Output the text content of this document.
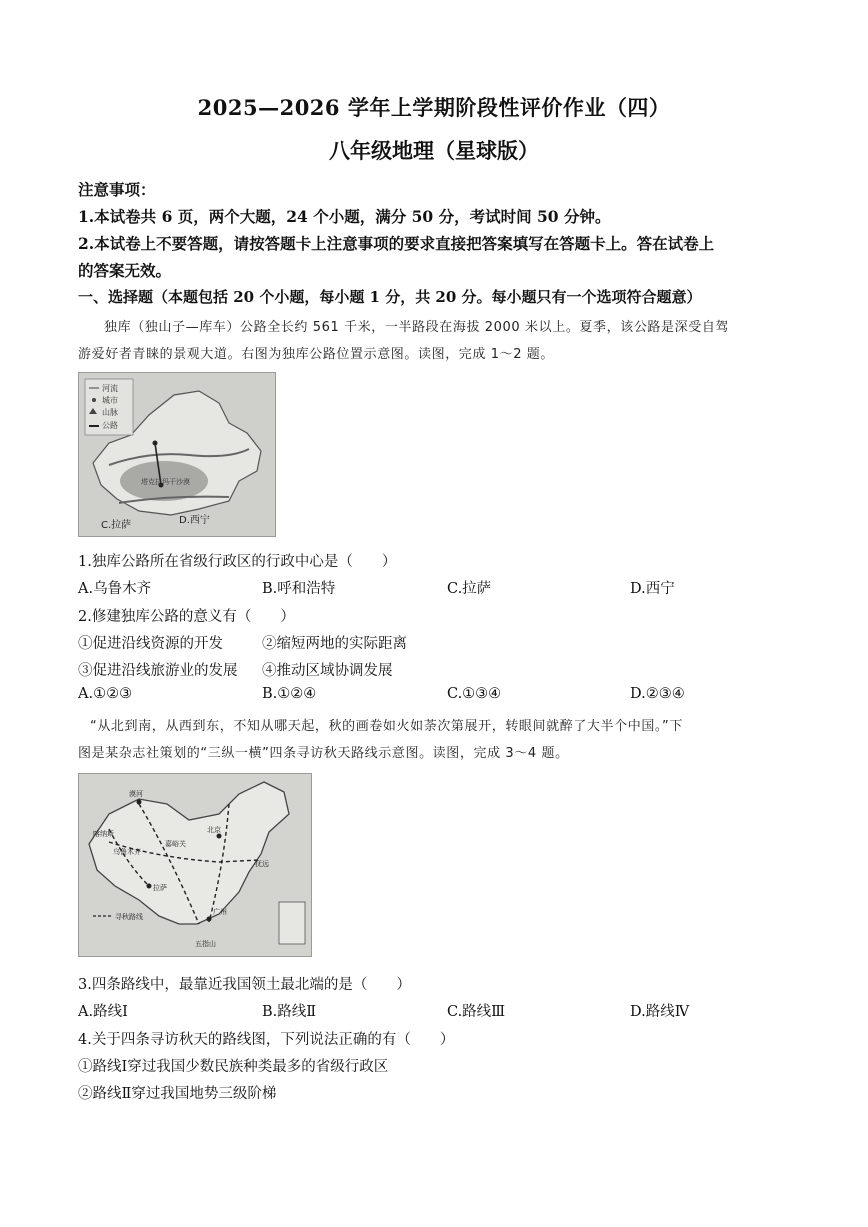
2025—2026 学年上学期阶段性评价作业（四）
八年级地理（星球版）
注意事项：
1.本试卷共 6 页，两个大题，24 个小题，满分 50 分，考试时间 50 分钟。
2.本试卷上不要答题，请按答题卡上注意事项的要求直接把答案填写在答题卡上。答在试卷上
的答案无效。
一、选择题（本题包括 20 个小题，每小题 1 分，共 20 分。每小题只有一个选项符合题意）
独库（独山子—库车）公路全长约 561 千米，一半路段在海拔 2000 米以上。夏季，该公路是深受自驾
游爱好者青睐的景观大道。右图为独库公路位置示意图。读图，完成 1～2 题。
河流
城市
山脉
公路
塔克拉玛干沙漠
C.拉萨	D.西宁
1.独库公路所在省级行政区的行政中心是（　　）
A.乌鲁木齐	B.呼和浩特	C.拉萨	D.西宁
2.修建独库公路的意义有（　　）
①促进沿线资源的开发	②缩短两地的实际距离
③促进沿线旅游业的发展 ④推动区域协调发展
A.①②③	B.①②④	C.①③④	D.②③④
“从北到南，从西到东，不知从哪天起，秋的画卷如火如荼次第展开，转眼间就醉了大半个中国。”下
图是某杂志社策划的“三纵一横”四条寻访秋天路线示意图。读图，完成 3～4 题。
漠河
喀纳斯	北京
嘉峪关
乌鲁木齐
拉萨
广州
五指山
抚远
寻秋路线
3.四条路线中，最靠近我国领土最北端的是（　　）
A.路线Ⅰ	B.路线Ⅱ	C.路线Ⅲ	D.路线Ⅳ
4.关于四条寻访秋天的路线图，下列说法正确的有（　　）
①路线Ⅰ穿过我国少数民族种类最多的省级行政区
②路线Ⅱ穿过我国地势三级阶梯
